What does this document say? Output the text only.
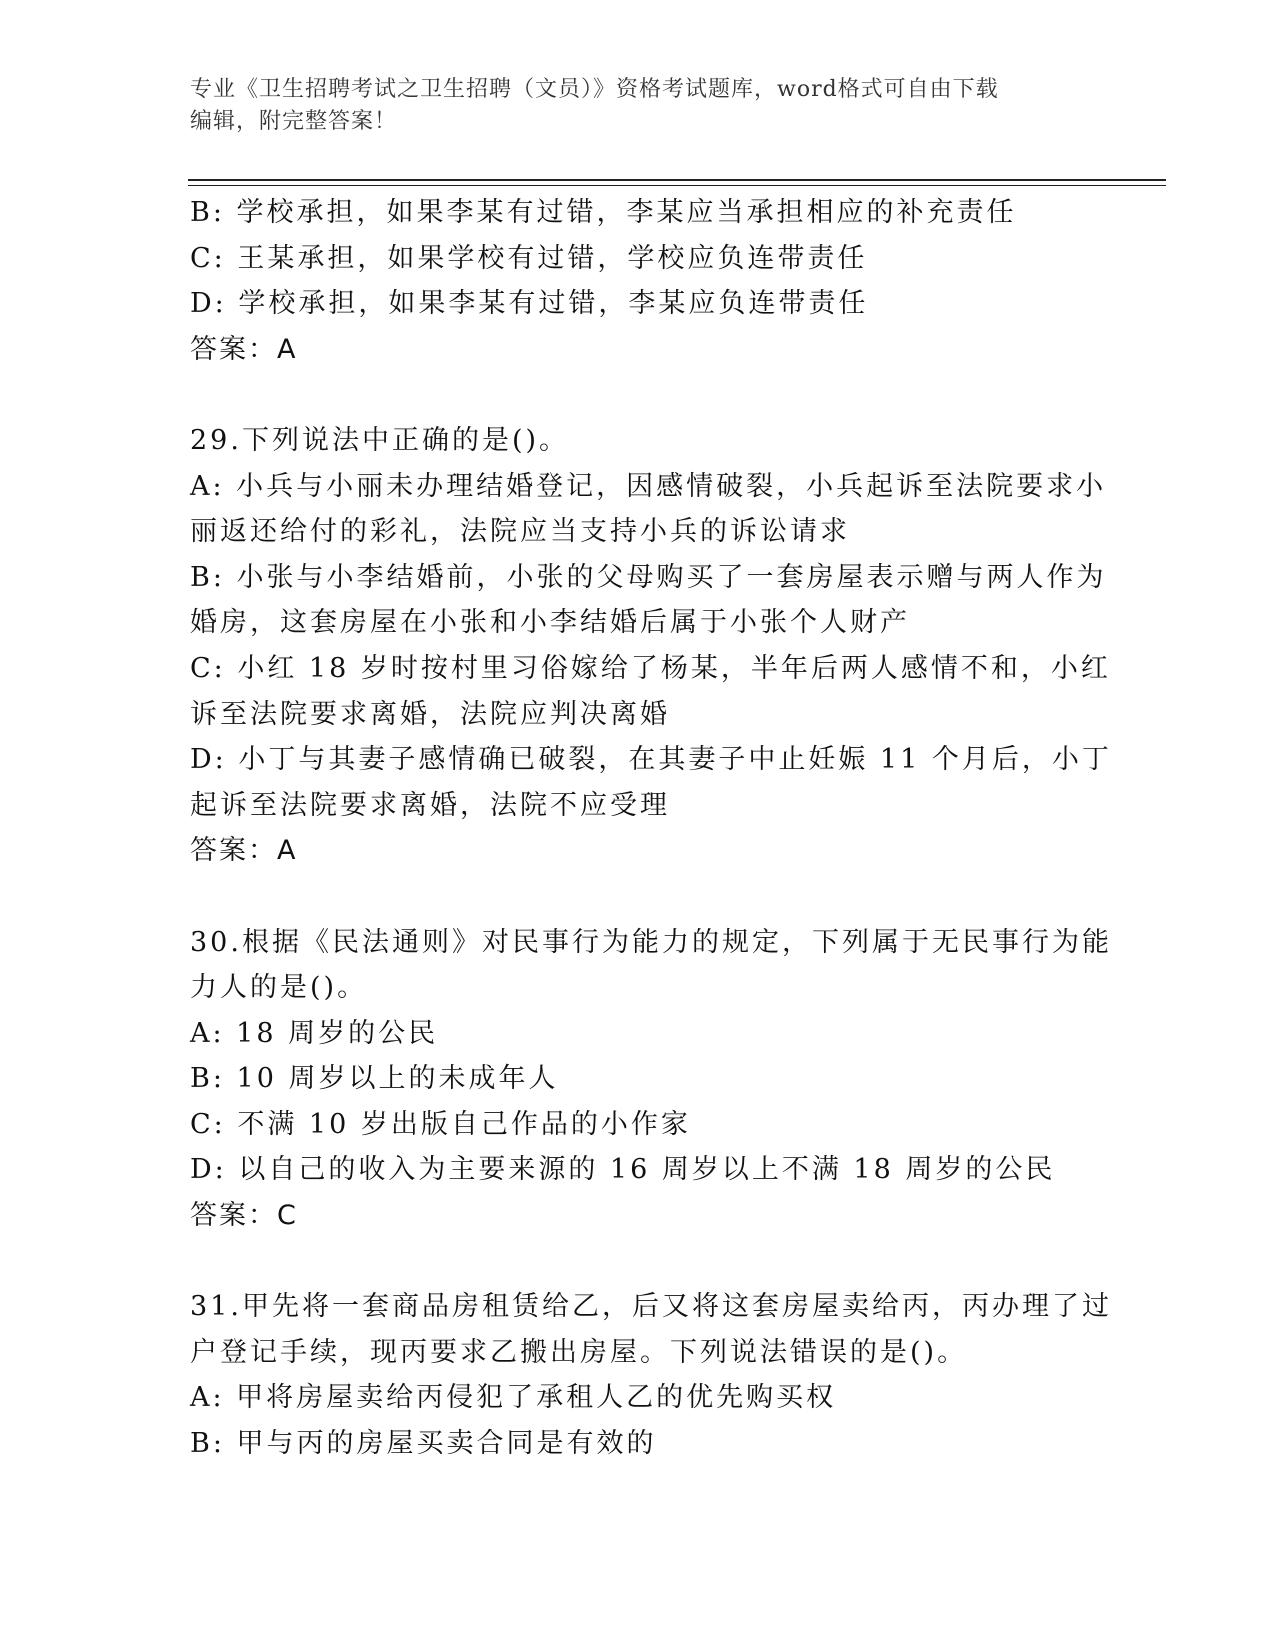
专业《卫生招聘考试之卫生招聘（文员）》资格考试题库，word格式可自由下载
编辑，附完整答案！
B: 学校承担，如果李某有过错，李某应当承担相应的补充责任
C: 王某承担，如果学校有过错，学校应负连带责任
D: 学校承担，如果李某有过错，李某应负连带责任
答案：A
29.下列说法中正确的是()。
A: 小兵与小丽未办理结婚登记，因感情破裂，小兵起诉至法院要求小
丽返还给付的彩礼，法院应当支持小兵的诉讼请求
B: 小张与小李结婚前，小张的父母购买了一套房屋表示赠与两人作为
婚房，这套房屋在小张和小李结婚后属于小张个人财产
C: 小红 18 岁时按村里习俗嫁给了杨某，半年后两人感情不和，小红
诉至法院要求离婚，法院应判决离婚
D: 小丁与其妻子感情确已破裂，在其妻子中止妊娠 11 个月后，小丁
起诉至法院要求离婚，法院不应受理
答案：A
30.根据《民法通则》对民事行为能力的规定，下列属于无民事行为能
力人的是()。
A: 18 周岁的公民
B: 10 周岁以上的未成年人
C: 不满 10 岁出版自己作品的小作家
D: 以自己的收入为主要来源的 16 周岁以上不满 18 周岁的公民
答案：C
31.甲先将一套商品房租赁给乙，后又将这套房屋卖给丙，丙办理了过
户登记手续，现丙要求乙搬出房屋。下列说法错误的是()。
A: 甲将房屋卖给丙侵犯了承租人乙的优先购买权
B: 甲与丙的房屋买卖合同是有效的
